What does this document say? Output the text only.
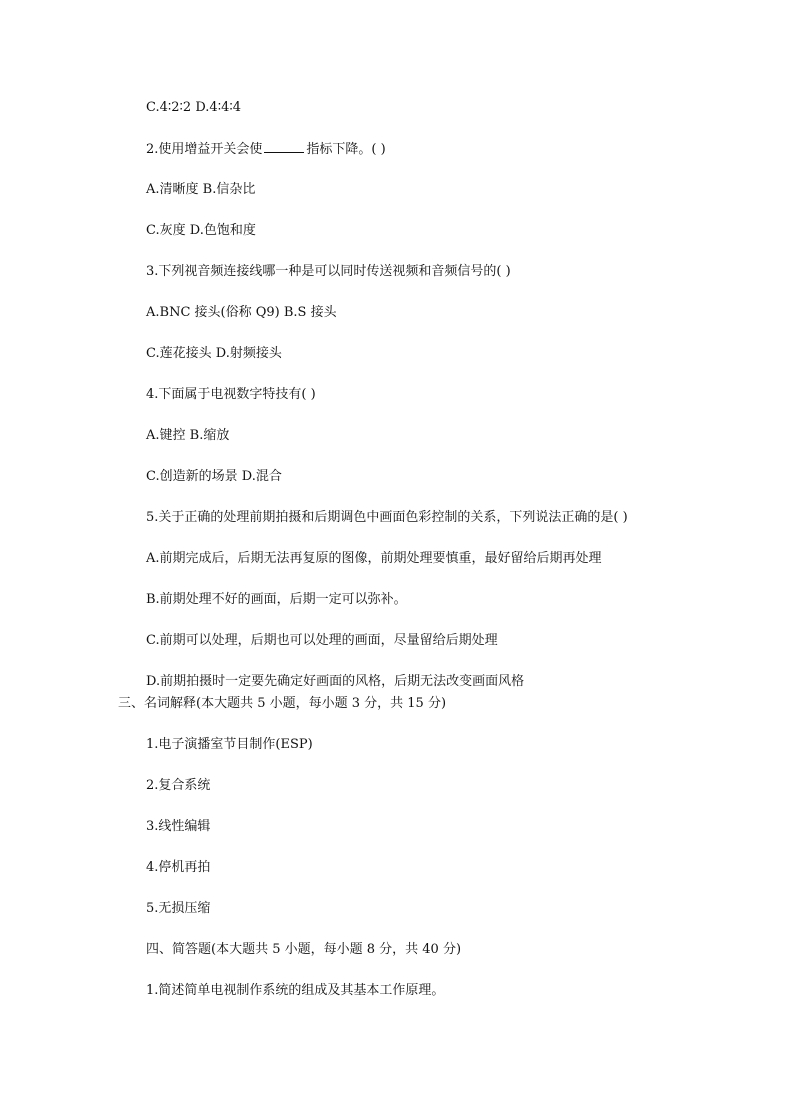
C.4∶2∶2 D.4∶4∶4
2.使用增益开关会使	指标下降。( )
A.清晰度 B.信杂比
C.灰度 D.色饱和度
3.下列视音频连接线哪一种是可以同时传送视频和音频信号的( )
A.BNC 接头(俗称 Q9) B.S 接头
C.莲花接头 D.射频接头
4.下面属于电视数字特技有( )
A.键控 B.缩放
C.创造新的场景 D.混合
5.关于正确的处理前期拍摄和后期调色中画面色彩控制的关系，下列说法正确的是( )
A.前期完成后，后期无法再复原的图像，前期处理要慎重，最好留给后期再处理
B.前期处理不好的画面，后期一定可以弥补。
C.前期可以处理，后期也可以处理的画面，尽量留给后期处理
D.前期拍摄时一定要先确定好画面的风格，后期无法改变画面风格
三、名词解释(本大题共 5 小题，每小题 3 分，共 15 分)
1.电子演播室节目制作(ESP)
2.复合系统
3.线性编辑
4.停机再拍
5.无损压缩
四、简答题(本大题共 5 小题，每小题 8 分，共 40 分)
1.简述简单电视制作系统的组成及其基本工作原理。
